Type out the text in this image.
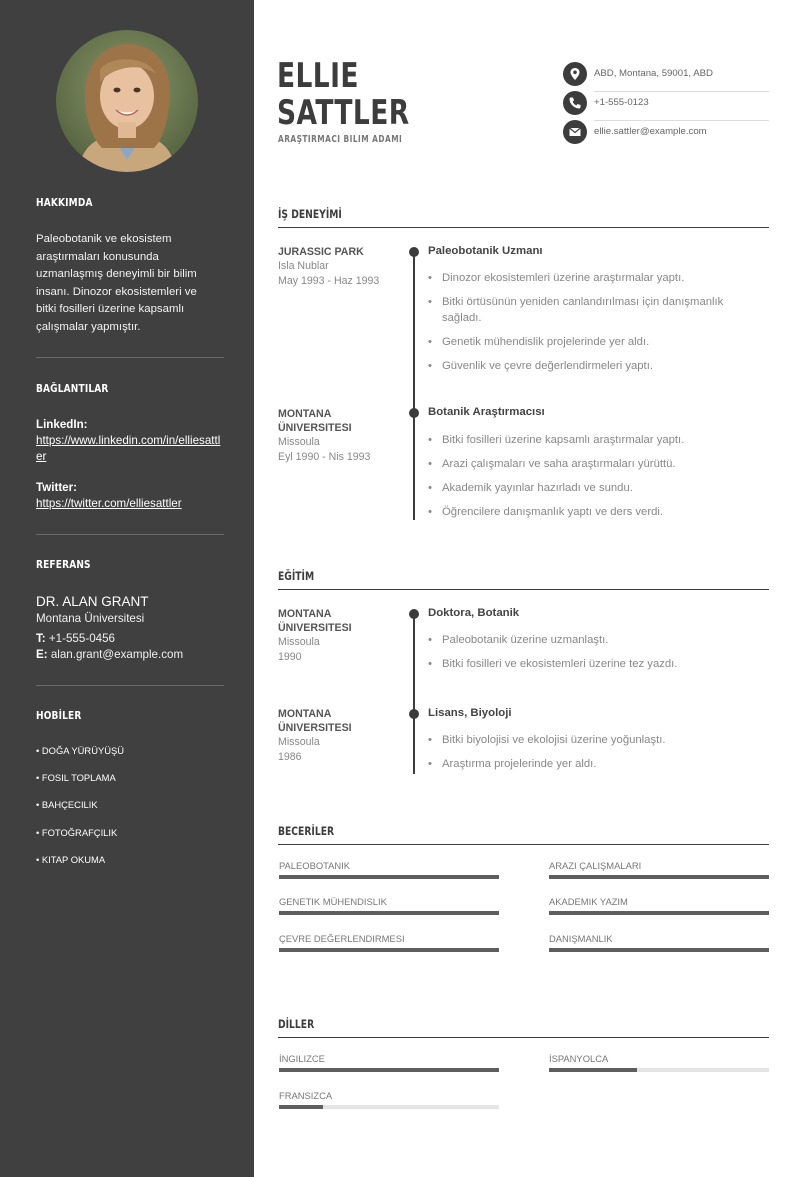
HAKKIMDA
Paleobotanik ve ekosistem araştırmaları konusunda uzmanlaşmış deneyimli bir bilim insanı. Dinozor ekosistemleri ve bitki fosilleri üzerine kapsamlı çalışmalar yapmıştır.
BAĞLANTILAR
LinkedIn:
https://www.linkedin.com/in/elliesattler
Twitter:
https://twitter.com/elliesattler
REFERANS
DR. ALAN GRANT
Montana Üniversitesi
T: +1-555-0456
E: alan.grant@example.com
HOBİLER
• DOĞA YÜRÜYÜŞÜ
• FOSIL TOPLAMA
• BAHÇECILIK
• FOTOĞRAFÇILIK
• KITAP OKUMA
ELLIE
SATTLER
ARAŞTIRMACI BILIM ADAMI
ABD, Montana, 59001, ABD
+1-555-0123
ellie.sattler@example.com
İŞ DENEYİMİ
JURASSIC PARK
Isla Nublar
May 1993 - Haz 1993
Paleobotanik Uzmanı
• Dinozor ekosistemleri üzerine araştırmalar yaptı.
• Bitki örtüsünün yeniden canlandırılması için danışmanlık sağladı.
• Genetik mühendislik projelerinde yer aldı.
• Güvenlik ve çevre değerlendirmeleri yaptı.
MONTANA ÜNIVERSITESI
Missoula
Eyl 1990 - Nis 1993
Botanik Araştırmacısı
• Bitki fosilleri üzerine kapsamlı araştırmalar yaptı.
• Arazi çalışmaları ve saha araştırmaları yürüttü.
• Akademik yayınlar hazırladı ve sundu.
• Öğrencilere danışmanlık yaptı ve ders verdi.
EĞİTİM
MONTANA ÜNIVERSITESI
Missoula
1990
Doktora, Botanik
• Paleobotanik üzerine uzmanlaştı.
• Bitki fosilleri ve ekosistemleri üzerine tez yazdı.
MONTANA ÜNIVERSITESI
Missoula
1986
Lisans, Biyoloji
• Bitki biyolojisi ve ekolojisi üzerine yoğunlaştı.
• Araştırma projelerinde yer aldı.
BECERİLER
PALEOBOTANIK	ARAZI ÇALIŞMALARI
GENETIK MÜHENDISLIK	AKADEMIK YAZIM
ÇEVRE DEĞERLENDIRMESI	DANIŞMANLIK
DİLLER
İNGILIZCE	İSPANYOLCA
FRANSIZCA
